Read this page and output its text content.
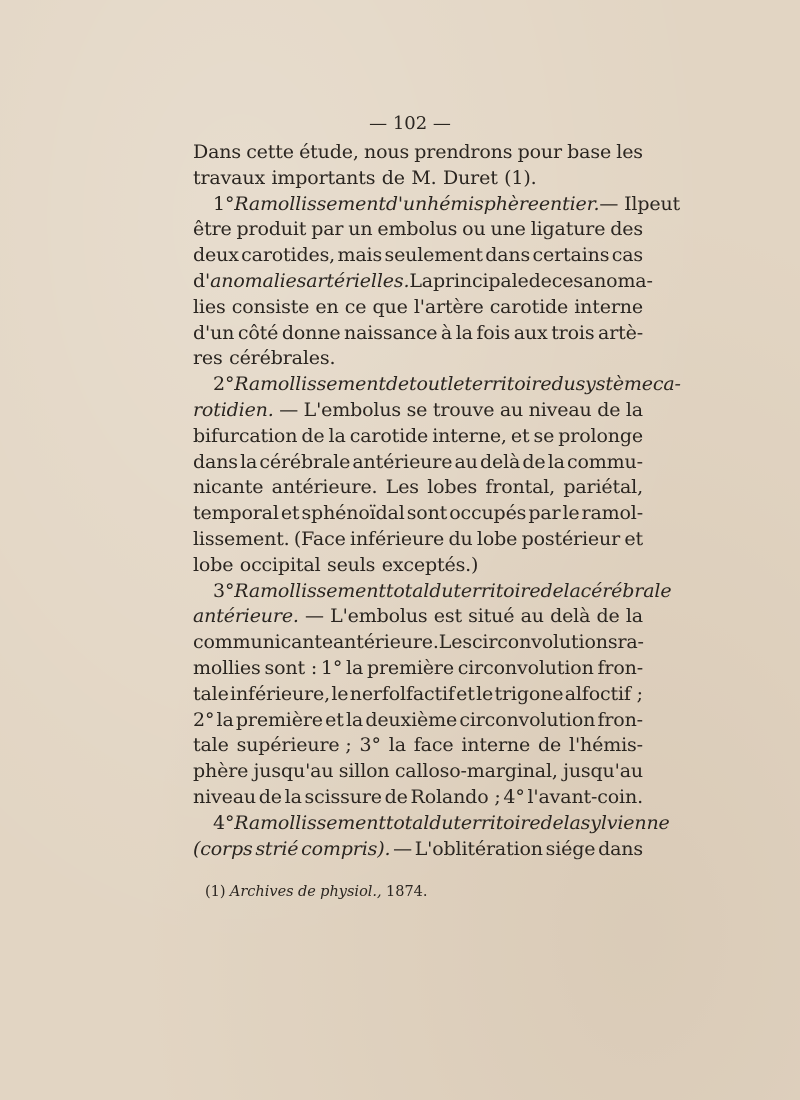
— 102 —
Dans cette étude, nous prendrons pour base les
travaux importants de M. Duret (1).
1° Ramollissement d'un hémisphère entier. — Il peut
être produit par un embolus ou une ligature des
deux carotides, mais seulement dans certains cas
d' anomalies artérielles. La principale de ces anoma-
lies consiste en ce que l'artère carotide interne
d'un côté donne naissance à la fois aux trois artè-
res cérébrales.
2° Ramollissement de tout le territoire du système ca-
rotidien. — L'embolus se trouve au niveau de la
bifurcation de la carotide interne, et se prolonge
dans la cérébrale antérieure au delà de la commu-
nicante antérieure. Les lobes frontal, pariétal,
temporal et sphénoïdal sont occupés par le ramol-
lissement. (Face inférieure du lobe postérieur et
lobe occipital seuls exceptés.)
3° Ramollissement total du territoire de la cérébrale
antérieure. — L'embolus est situé au delà de la
communicante antérieure. Les circonvolutions ra-
mollies sont : 1° la première circonvolution fron-
tale inférieure, le nerfolfactif et le trigone alfoctif ;
2° la première et la deuxième circonvolution fron-
tale supérieure ; 3° la face interne de l'hémis-
phère jusqu'au sillon calloso-marginal, jusqu'au
niveau de la scissure de Rolando ; 4° l'avant-coin.
4° Ramollissement total du territoire de la sylvienne
(corps strié compris). — L'oblitération siége dans
(1) Archives de physiol., 1874.
